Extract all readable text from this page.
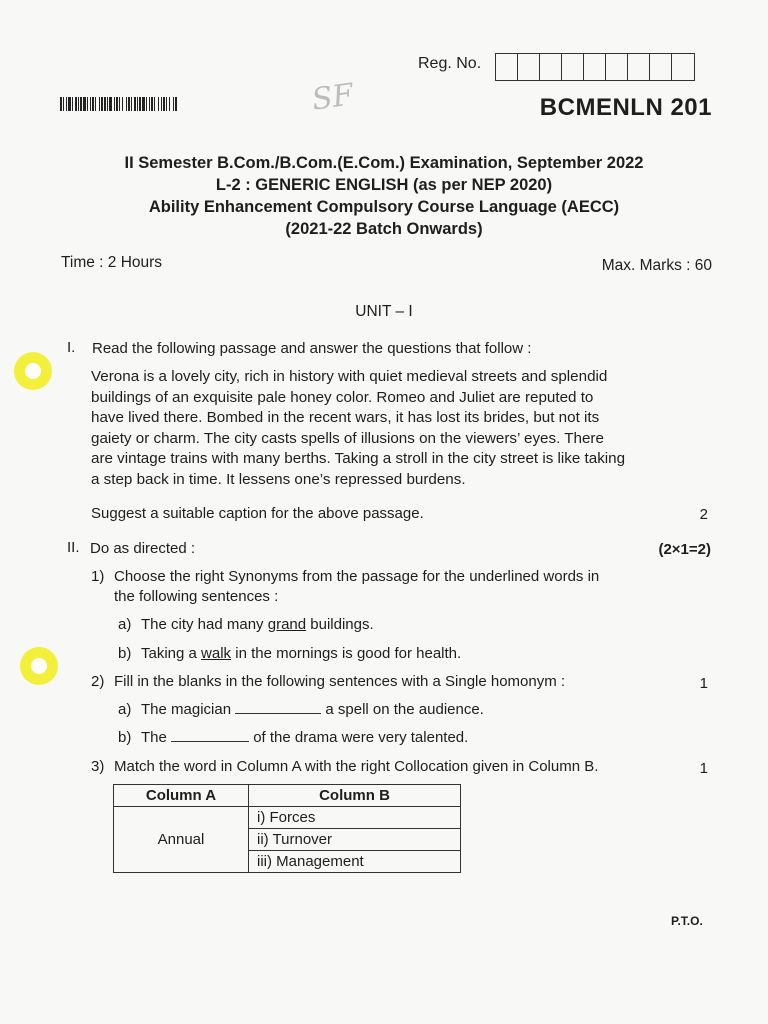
Reg. No.
SF	BCMENLN 201
II Semester B.Com./B.Com.(E.Com.) Examination, September 2022
L-2 : GENERIC ENGLISH (as per NEP 2020)
Ability Enhancement Compulsory Course Language (AECC)
(2021-22 Batch Onwards)
Time : 2 Hours	Max. Marks : 60
UNIT – I
I. Read the following passage and answer the questions that follow :
Verona is a lovely city, rich in history with quiet medieval streets and splendid
buildings of an exquisite pale honey color. Romeo and Juliet are reputed to
have lived there. Bombed in the recent wars, it has lost its brides, but not its
gaiety or charm. The city casts spells of illusions on the viewers’ eyes. There
are vintage trains with many berths. Taking a stroll in the city street is like taking
a step back in time. It lessens one’s repressed burdens.
Suggest a suitable caption for the above passage.	2
II. Do as directed :	(2×1=2)
1) Choose the right Synonyms from the passage for the underlined words in
the following sentences :
a) The city had many grand buildings.
b) Taking a walk in the mornings is good for health.
2) Fill in the blanks in the following sentences with a Single homonym :	1
a) The magician	a spell on the audience.
b) The	of the drama were very talented.
3) Match the word in Column A with the right Collocation given in Column B.	1
Column A	Column B
Annual	i) Forces
	ii) Turnover
	iii) Management
P.T.O.
